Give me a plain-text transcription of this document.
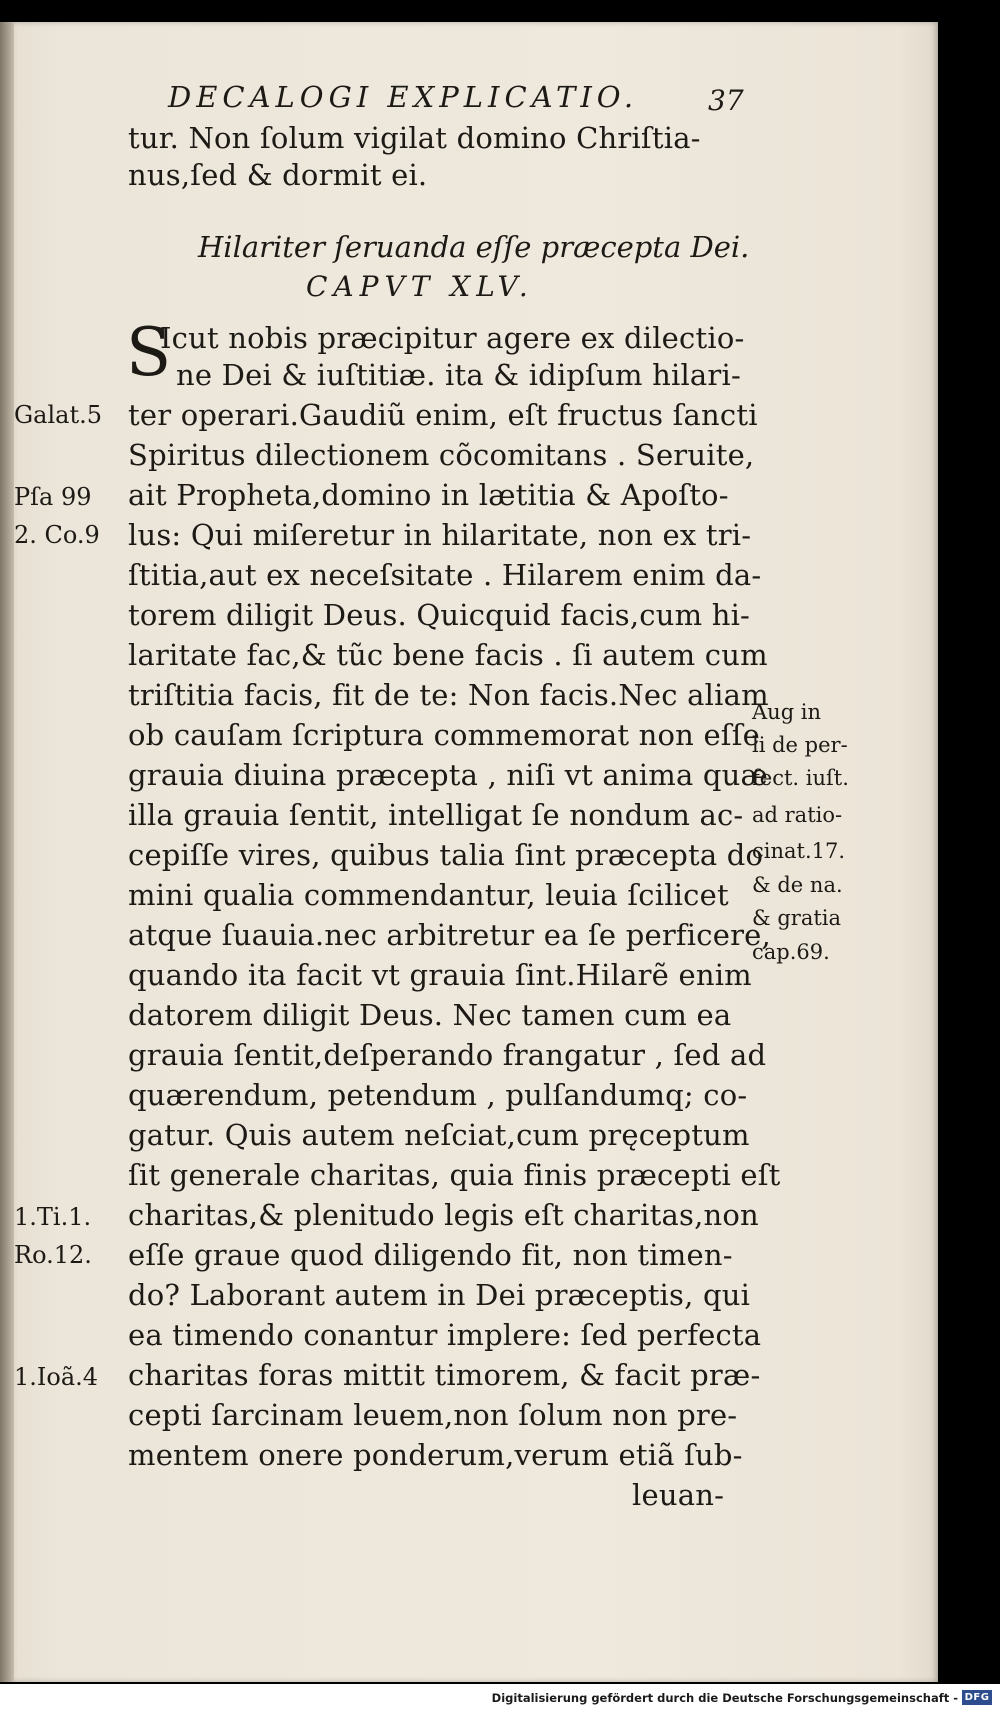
DECALOGI EXPLICATIO.	37
tur. Non ſolum vigilat domino Chriſtia-
nus,ſed & dormit ei.
Hilariter ſeruanda eſſe præcepta Dei.
CAPVT XLV.
S
Icut nobis præcipitur agere ex dilectio-
ne Dei & iuſtitiæ. ita & idipſum hilari-
ter operari.Gaudiũ enim, eſt fructus ſancti
Spiritus dilectionem cõcomitans . Seruite,
ait Propheta,domino in lætitia & Apoſto-
lus: Qui miſeretur in hilaritate, non ex tri-
ſtitia,aut ex neceſsitate . Hilarem enim da-
torem diligit Deus. Quicquid facis,cum hi-
laritate fac,& tũc bene facis . ſi autem cum
triſtitia facis, fit de te: Non facis.Nec aliam
ob cauſam ſcriptura commemorat non eſſe
grauia diuina præcepta , niſi vt anima quæ
illa grauia ſentit, intelligat ſe nondum ac-
cepiſſe vires, quibus talia ſint præcepta do
mini qualia commendantur, leuia ſcilicet
atque ſuauia.nec arbitretur ea ſe perficere,
quando ita facit vt grauia ſint.Hilarẽ enim
datorem diligit Deus. Nec tamen cum ea
grauia ſentit,deſperando frangatur , ſed ad
quærendum, petendum , pulſandumq; co-
gatur. Quis autem neſciat,cum pręceptum
ſit generale charitas, quia finis præcepti eſt
charitas,& plenitudo legis eſt charitas,non
eſſe graue quod diligendo fit, non timen-
do? Laborant autem in Dei præceptis, qui
ea timendo conantur implere: ſed perfecta
charitas foras mittit timorem, & facit præ-
cepti ſarcinam leuem,non ſolum non pre-
mentem onere ponderum,verum etiã ſub-
leuan-
Galat.5
Pſa 99
2. Co.9
1.Ti.1.
Ro.12.
1.Ioã.4
Aug in
li de per-
fect. iuſt.
ad ratio-
cinat.17.
& de na.
& gratia
cap.69.
Digitalisierung gefördert durch die Deutsche Forschungsgemeinschaft - DFG
